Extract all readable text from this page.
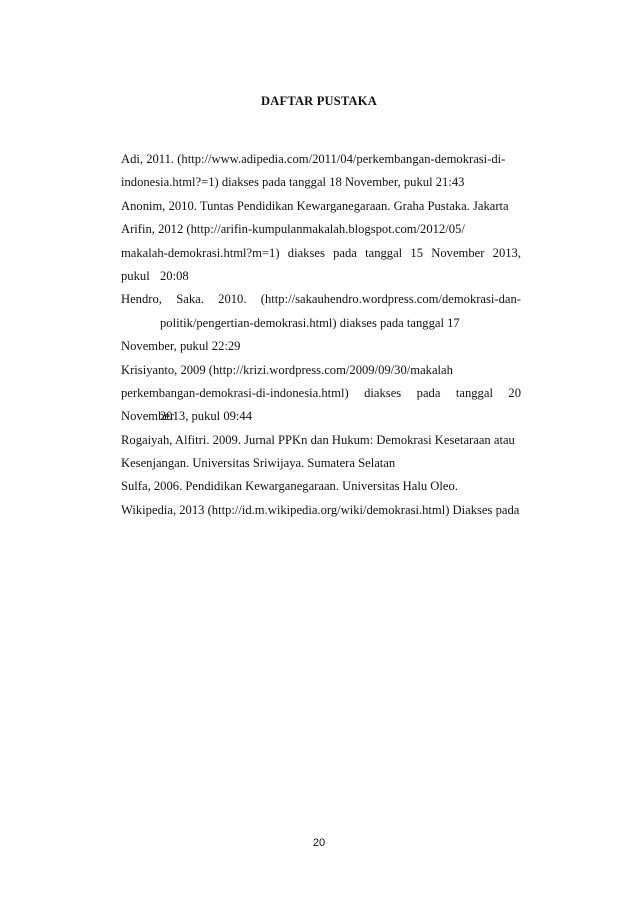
DAFTAR PUSTAKA
Adi, 2011. (http://www.adipedia.com/2011/04/perkembangan-demokrasi-di-
indonesia.html?=1) diakses pada tanggal 18 November, pukul 21:43
Anonim, 2010. Tuntas Pendidikan Kewarganegaraan. Graha Pustaka. Jakarta
Arifin, 2012 (http://arifin-kumpulanmakalah.blogspot.com/2012/05/
makalah-demokrasi.html?m=1) diakses pada tanggal 15 November 2013, pukul 20:08
Hendro, Saka. 2010. (http://sakauhendro.wordpress.com/demokrasi-dan-
politik/pengertian-demokrasi.html) diakses pada tanggal 17
November, pukul 22:29
Krisiyanto, 2009 (http://krizi.wordpress.com/2009/09/30/makalah
perkembangan-demokrasi-di-indonesia.html) diakses pada tanggal 20 November
2013, pukul 09:44
Rogaiyah, Alfitri. 2009. Jurnal PPKn dan Hukum: Demokrasi Kesetaraan atau
Kesenjangan. Universitas Sriwijaya. Sumatera Selatan
Sulfa, 2006. Pendidikan Kewarganegaraan. Universitas Halu Oleo.
Wikipedia, 2013 (http://id.m.wikipedia.org/wiki/demokrasi.html) Diakses pada
20
